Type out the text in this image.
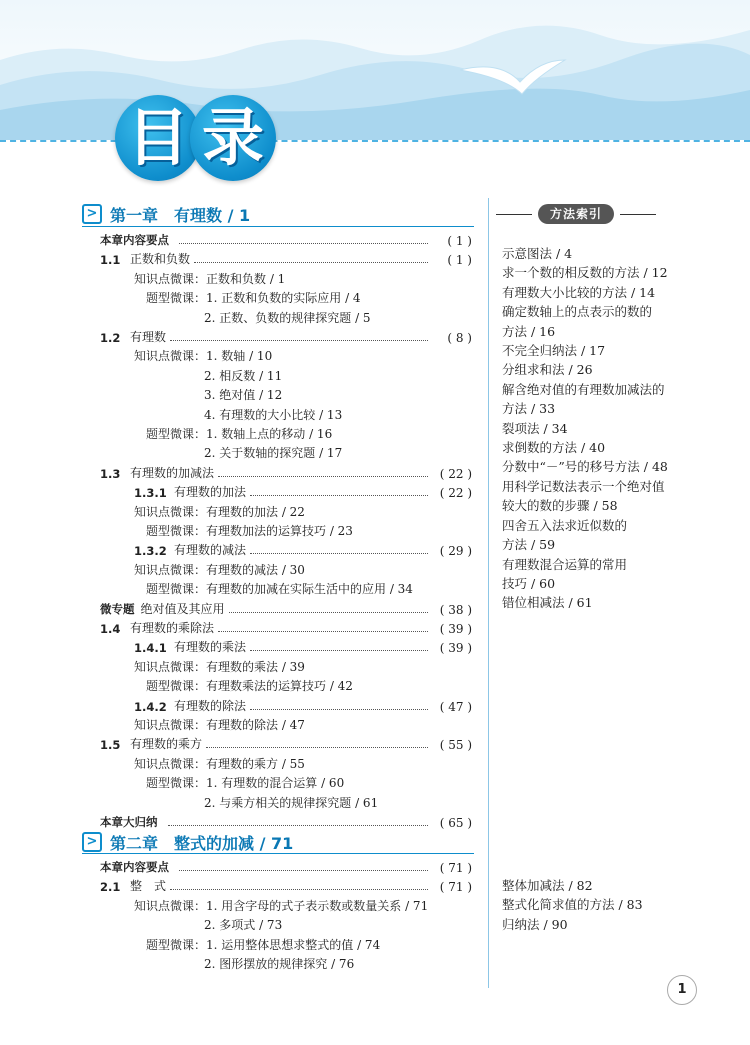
目 录
> 第一章　有理数 / 1
本章内容要点	( 1 )
1.1 正数和负数	( 1 )
知识点微课：正数和负数 / 1
题型微课：1. 正数和负数的实际应用 / 4
2. 正数、负数的规律探究题 / 5
1.2 有理数	( 8 )
知识点微课：1. 数轴 / 10
2. 相反数 / 11
3. 绝对值 / 12
4. 有理数的大小比较 / 13
题型微课：1. 数轴上点的移动 / 16
2. 关于数轴的探究题 / 17
1.3 有理数的加减法	( 22 )
1.3.1 有理数的加法	( 22 )
知识点微课：有理数的加法 / 22
题型微课：有理数加法的运算技巧 / 23
1.3.2 有理数的减法	( 29 )
知识点微课：有理数的减法 / 30
题型微课：有理数的加减在实际生活中的应用 / 34
微专题 绝对值及其应用	( 38 )
1.4 有理数的乘除法	( 39 )
1.4.1 有理数的乘法	( 39 )
知识点微课：有理数的乘法 / 39
题型微课：有理数乘法的运算技巧 / 42
1.4.2 有理数的除法	( 47 )
知识点微课：有理数的除法 / 47
1.5 有理数的乘方	( 55 )
知识点微课：有理数的乘方 / 55
题型微课：1. 有理数的混合运算 / 60
2. 与乘方相关的规律探究题 / 61
本章大归纳	( 65 )
> 第二章　整式的加减 / 71
本章内容要点	( 71 )
2.1 整　式	( 71 )
知识点微课：1. 用含字母的式子表示数或数量关系 / 71
2. 多项式 / 73
题型微课：1. 运用整体思想求整式的值 / 74
2. 图形摆放的规律探究 / 76
方法索引
示意图法 / 4
求一个数的相反数的方法 / 12
有理数大小比较的方法 / 14
确定数轴上的点表示的数的
方法 / 16
不完全归纳法 / 17
分组求和法 / 26
解含绝对值的有理数加减法的
方法 / 33
裂项法 / 34
求倒数的方法 / 40
分数中“－”号的移号方法 / 48
用科学记数法表示一个绝对值
较大的数的步骤 / 58
四舍五入法求近似数的
方法 / 59
有理数混合运算的常用
技巧 / 60
错位相减法 / 61
整体加减法 / 82
整式化简求值的方法 / 83
归纳法 / 90
1
